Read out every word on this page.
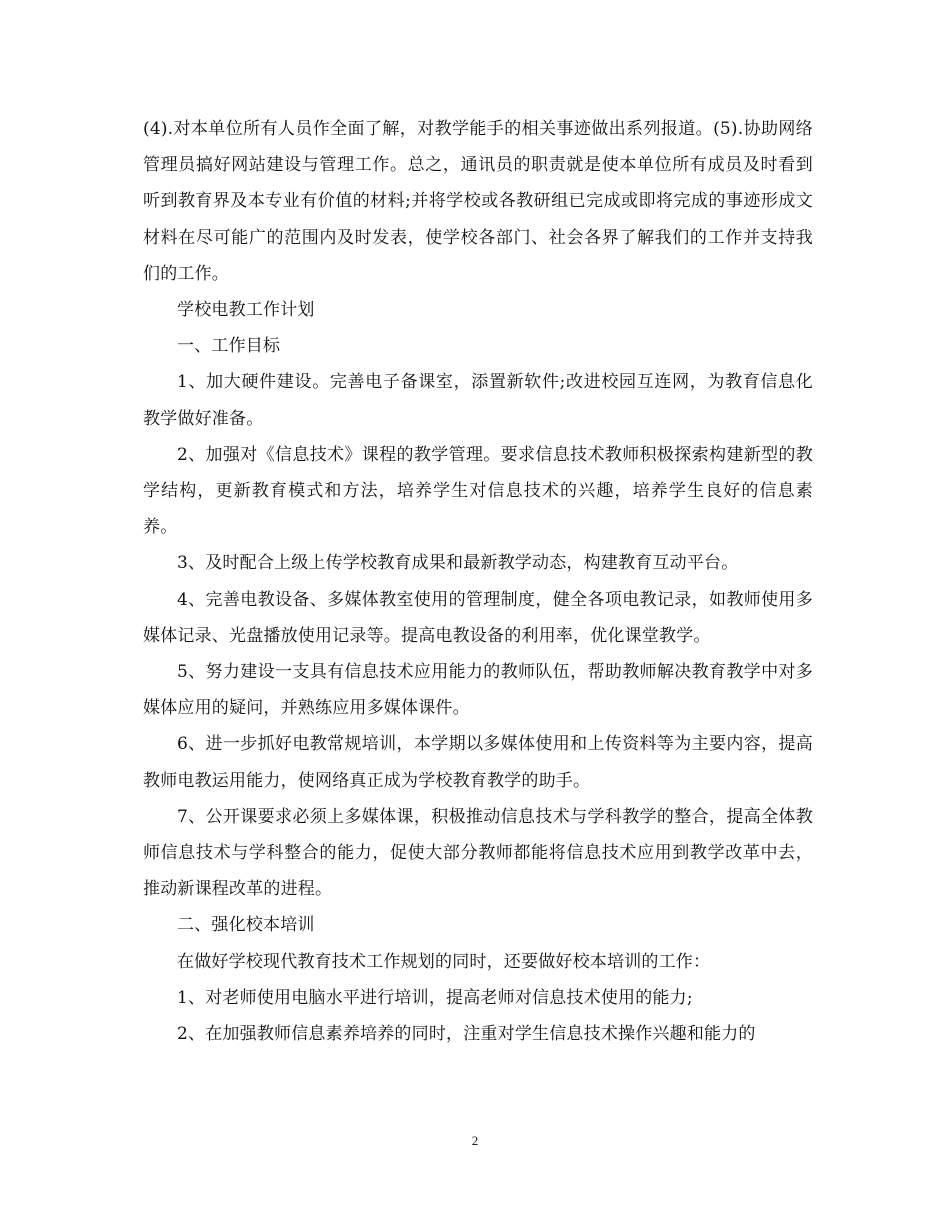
(4).对本单位所有人员作全面了解，对教学能手的相关事迹做出系列报道。(5).协助网络管理员搞好网站建设与管理工作。总之，通讯员的职责就是使本单位所有成员及时看到听到教育界及本专业有价值的材料;并将学校或各教研组已完成或即将完成的事迹形成文材料在尽可能广的范围内及时发表，使学校各部门、社会各界了解我们的工作并支持我们的工作。

学校电教工作计划

一、工作目标

1、加大硬件建设。完善电子备课室，添置新软件;改进校园互连网，为教育信息化教学做好准备。

2、加强对《信息技术》课程的教学管理。要求信息技术教师积极探索构建新型的教学结构，更新教育模式和方法，培养学生对信息技术的兴趣，培养学生良好的信息素养。

3、及时配合上级上传学校教育成果和最新教学动态，构建教育互动平台。

4、完善电教设备、多媒体教室使用的管理制度，健全各项电教记录，如教师使用多媒体记录、光盘播放使用记录等。提高电教设备的利用率，优化课堂教学。

5、努力建设一支具有信息技术应用能力的教师队伍，帮助教师解决教育教学中对多媒体应用的疑问，并熟练应用多媒体课件。

6、进一步抓好电教常规培训，本学期以多媒体使用和上传资料等为主要内容，提高教师电教运用能力，使网络真正成为学校教育教学的助手。

7、公开课要求必须上多媒体课，积极推动信息技术与学科教学的整合，提高全体教师信息技术与学科整合的能力，促使大部分教师都能将信息技术应用到教学改革中去，推动新课程改革的进程。

二、强化校本培训

在做好学校现代教育技术工作规划的同时，还要做好校本培训的工作：

1、对老师使用电脑水平进行培训，提高老师对信息技术使用的能力;

2、在加强教师信息素养培养的同时，注重对学生信息技术操作兴趣和能力的

2
